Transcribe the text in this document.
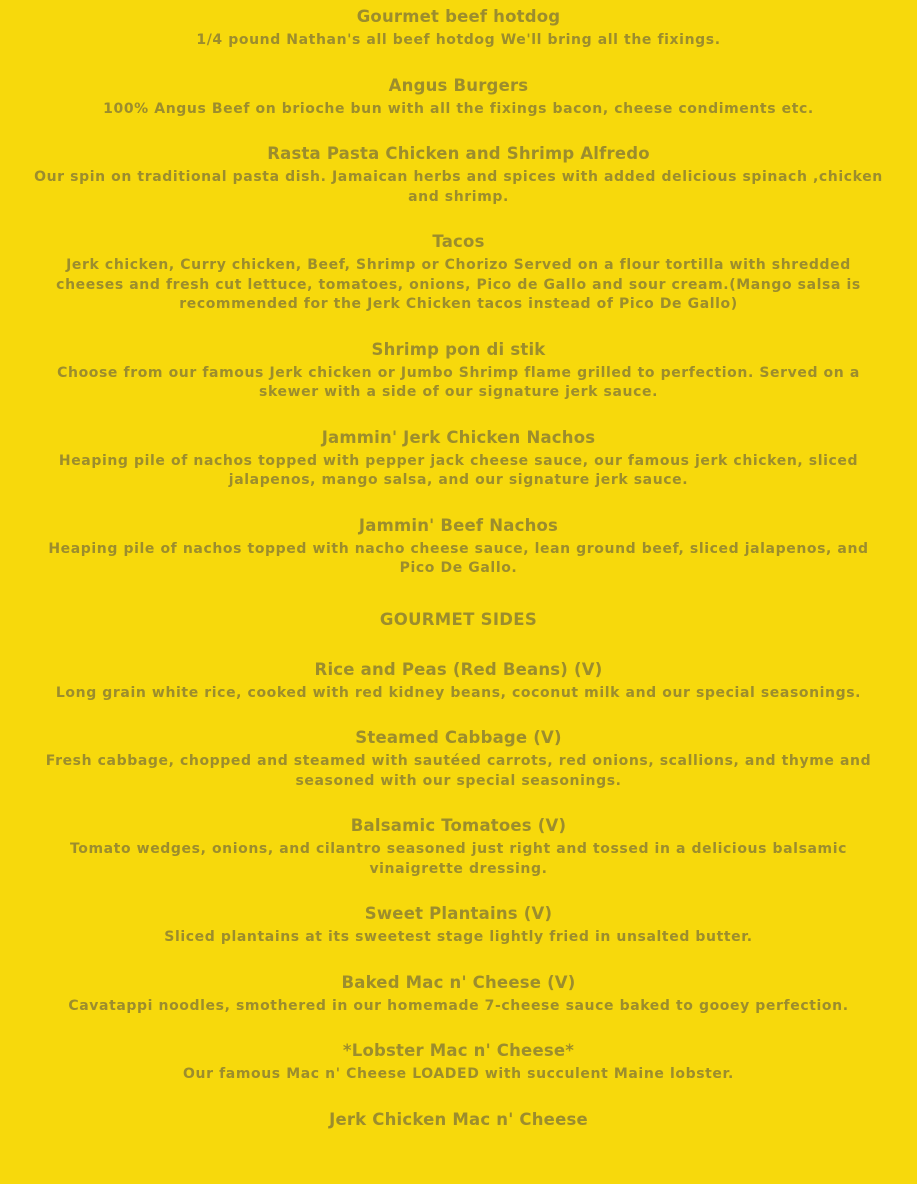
Gourmet beef hotdog
1/4 pound Nathan's all beef hotdog We'll bring all the fixings.
Angus Burgers
100% Angus Beef on brioche bun with all the fixings bacon, cheese condiments etc.
Rasta Pasta Chicken and Shrimp Alfredo
Our spin on traditional pasta dish. Jamaican herbs and spices with added delicious spinach ,chicken and shrimp.
Tacos
Jerk chicken, Curry chicken, Beef, Shrimp or Chorizo Served on a flour tortilla with shredded cheeses and fresh cut lettuce, tomatoes, onions, Pico de Gallo and sour cream.(Mango salsa is recommended for the Jerk Chicken tacos instead of Pico De Gallo)
Shrimp pon di stik
Choose from our famous Jerk chicken or Jumbo Shrimp flame grilled to perfection. Served on a skewer with a side of our signature jerk sauce.
Jammin' Jerk Chicken Nachos
Heaping pile of nachos topped with pepper jack cheese sauce, our famous jerk chicken, sliced jalapenos, mango salsa, and our signature jerk sauce.
Jammin' Beef Nachos
Heaping pile of nachos topped with nacho cheese sauce, lean ground beef, sliced jalapenos, and Pico De Gallo.
GOURMET SIDES
Rice and Peas (Red Beans) (V)
Long grain white rice, cooked with red kidney beans, coconut milk and our special seasonings.
Steamed Cabbage (V)
Fresh cabbage, chopped and steamed with sautéed carrots, red onions, scallions, and thyme and seasoned with our special seasonings.
Balsamic Tomatoes (V)
Tomato wedges, onions, and cilantro seasoned just right and tossed in a delicious balsamic vinaigrette dressing.
Sweet Plantains (V)
Sliced plantains at its sweetest stage lightly fried in unsalted butter.
Baked Mac n' Cheese (V)
Cavatappi noodles, smothered in our homemade 7-cheese sauce baked to gooey perfection.
*Lobster Mac n' Cheese*
Our famous Mac n' Cheese LOADED with succulent Maine lobster.
Jerk Chicken Mac n' Cheese
